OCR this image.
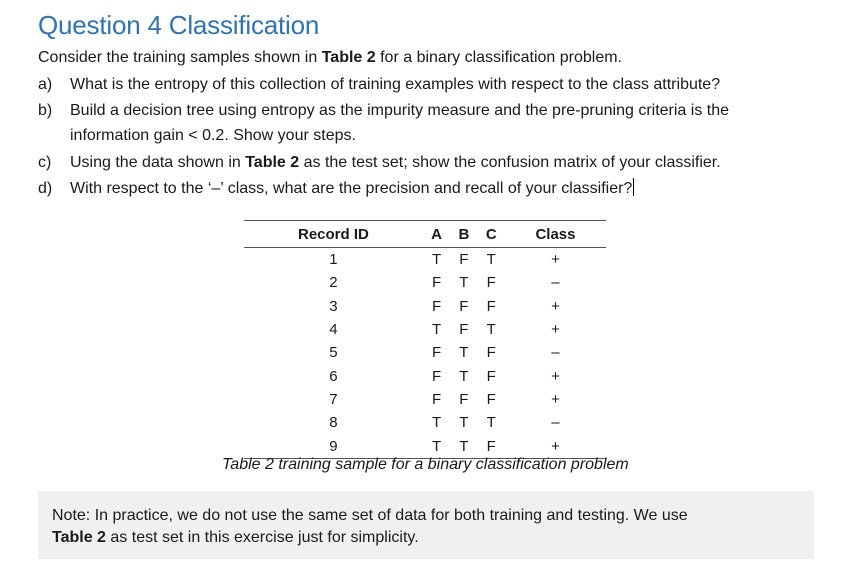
Question 4 Classification
Consider the training samples shown in Table 2 for a binary classification problem.
a)	What is the entropy of this collection of training examples with respect to the class attribute?
b)	Build a decision tree using entropy as the impurity measure and the pre-pruning criteria is the
information gain < 0.2. Show your steps.
c)	Using the data shown in Table 2 as the test set; show the confusion matrix of your classifier.
d)	With respect to the ‘–’ class, what are the precision and recall of your classifier?
Record ID	A	B	C	Class
1	T	F	T	+
2	F	T	F	–
3	F	F	F	+
4	T	F	T	+
5	F	T	F	–
6	F	T	F	+
7	F	F	F	+
8	T	T	T	–
9	T	T	F	+
Table 2 training sample for a binary classification problem
Note: In practice, we do not use the same set of data for both training and testing. We use
Table 2 as test set in this exercise just for simplicity.
